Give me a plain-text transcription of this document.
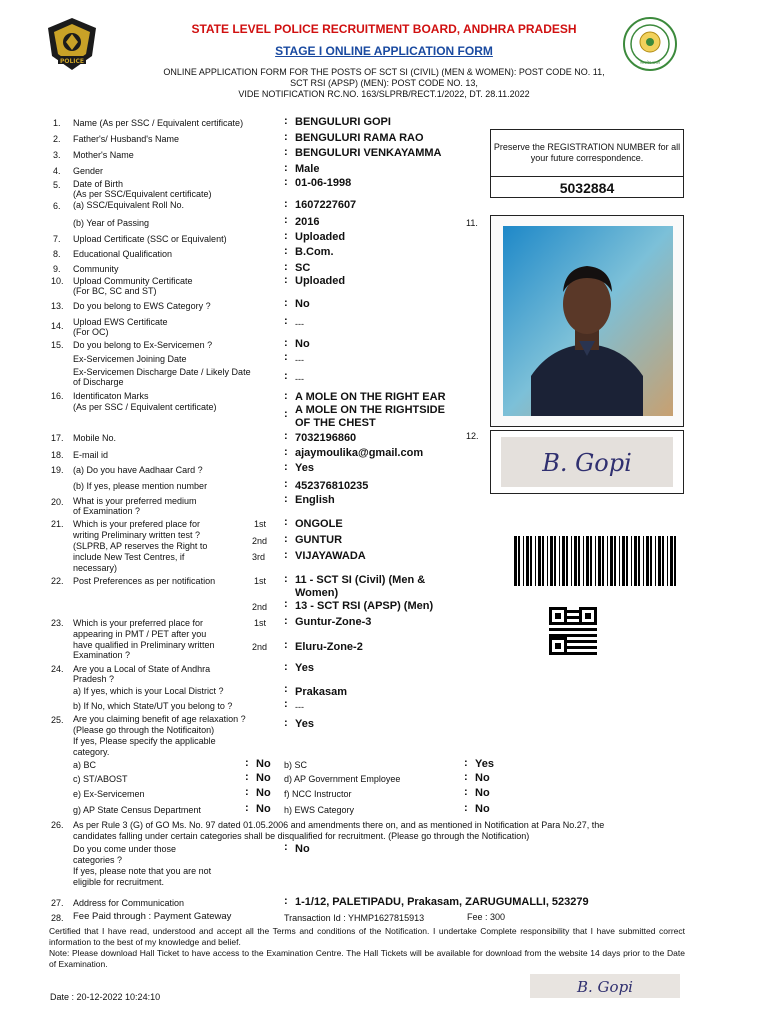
POLICE	सत्यमेव जयते
STATE LEVEL POLICE RECRUITMENT BOARD, ANDHRA PRADESH
STAGE I ONLINE APPLICATION FORM
ONLINE APPLICATION FORM FOR THE POSTS OF SCT SI (CIVIL) (MEN & WOMEN): POST CODE NO. 11,
SCT RSI (APSP) (MEN): POST CODE NO. 13,
VIDE NOTIFICATION RC.NO. 163/SLPRB/RECT.1/2022, DT. 28.11.2022
Preserve the REGISTRATION NUMBER for all your future correspondence.
5032884
11.
12.
B. Gopi
1. Name (As per SSC / Equivalent certificate)	: BENGULURI GOPI
2. Father's/ Husband's Name	: BENGULURI RAMA RAO
3. Mother's Name	: BENGULURI VENKAYAMMA
4. Gender	: Male
5. Date of Birth
(As per SSC/Equivalent certificate)
: 01-06-1998
6. (a) SSC/Equivalent Roll No.	: 1607227607
(b) Year of Passing	: 2016
7. Upload Certificate (SSC or Equivalent)	: Uploaded
8. Educational Qualification	: B.Com.
9. Community	: SC
10. Upload Community Certificate
(For BC, SC and ST)
: Uploaded
13. Do you belong to EWS Category ?	: No
14. Upload EWS Certificate
(For OC)
: ---
15. Do you belong to Ex-Servicemen ?	: No
Ex-Servicemen Joining Date	: ---
Ex-Servicemen Discharge Date / Likely Date
of Discharge	: ---
16. Identificaton Marks
(As per SSC / Equivalent certificate)
: A MOLE ON THE RIGHT EAR
: A MOLE ON THE RIGHTSIDE
OF THE CHEST
17. Mobile No.	: 7032196860
18. E-mail id	: ajaymoulika@gmail.com
19. (a) Do you have Aadhaar Card ?	: Yes
(b) If yes, please mention number	: 452376810235
20. What is your preferred medium
of Examination ?
: English
21. Which is your prefered place for
writing Preliminary written test ?
(SLPRB, AP reserves the Right to
include New Test Centres, if
necessary)
1st : ONGOLE
2nd : GUNTUR
3rd : VIJAYAWADA
22. Post Preferences as per notification	1st : 11 - SCT SI (Civil) (Men &
Women)
2nd : 13 - SCT RSI (APSP) (Men)
23. Which is your preferred place for
appearing in PMT / PET after you
have qualified in Preliminary written
Examination ?
1st : Guntur-Zone-3
2nd : Eluru-Zone-2
24. Are you a Local of State of Andhra
Pradesh ?
: Yes
a) If yes, which is your Local District ?	: Prakasam
b) If No, which State/UT you belong to ?	: ---
25. Are you claiming benefit of age relaxation ?
(Please go through the Notificaiton)
If yes, Please specify the applicable
category.
: Yes
a) BC	: No b) SC	: Yes
c) ST/ABOST	: No d) AP Government Employee	: No
e) Ex-Servicemen	: No f) NCC Instructor	: No
g) AP State Census Department	: No h) EWS Category	: No
26. As per Rule 3 (G) of GO Ms. No. 97 dated 01.05.2006 and amendments there on, and as mentioned in Notification at Para No.27, the
candidates falling under certain categories shall be disqualified for recruitment. (Please go through the Notification)
Do you come under those
categories ?
If yes, please note that you are not
eligible for recruitment.
: No
27. Address for Communication	: 1-1/12, PALETIPADU, Prakasam, ZARUGUMALLI, 523279
28. Fee Paid through : Payment Gateway	Transaction Id : YHMP1627815913	Fee : 300
Certified that I have read, understood and accept all the Terms and conditions of the Notification. I undertake Complete responsibility that I have submitted correct information to the best of my knowledge and belief.
Note: Please download Hall Ticket to have access to the Examination Centre. The Hall Tickets will be available for download from the website 14 days prior to the Date of Examination.
B. Gopi
Date : 20-12-2022 10:24:10
